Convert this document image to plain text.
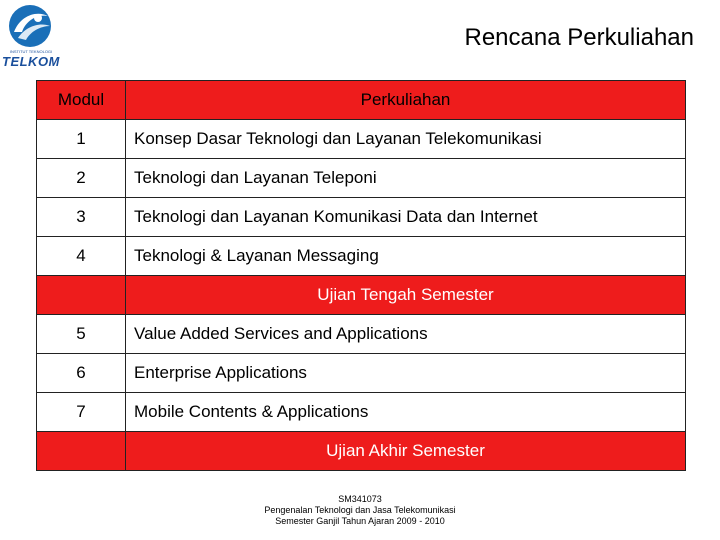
INSTITUT TEKNOLOGI
TELKOM
Rencana Perkuliahan
Modul	Perkuliahan
1	Konsep Dasar Teknologi dan Layanan Telekomunikasi
2	Teknologi dan Layanan Teleponi
3	Teknologi dan Layanan Komunikasi Data dan Internet
4	Teknologi & Layanan Messaging
	Ujian Tengah Semester
5	Value Added Services and Applications
6	Enterprise Applications
7	Mobile Contents & Applications
	Ujian Akhir Semester
SM341073
Pengenalan Teknologi dan Jasa Telekomunikasi
Semester Ganjil Tahun Ajaran 2009 - 2010
